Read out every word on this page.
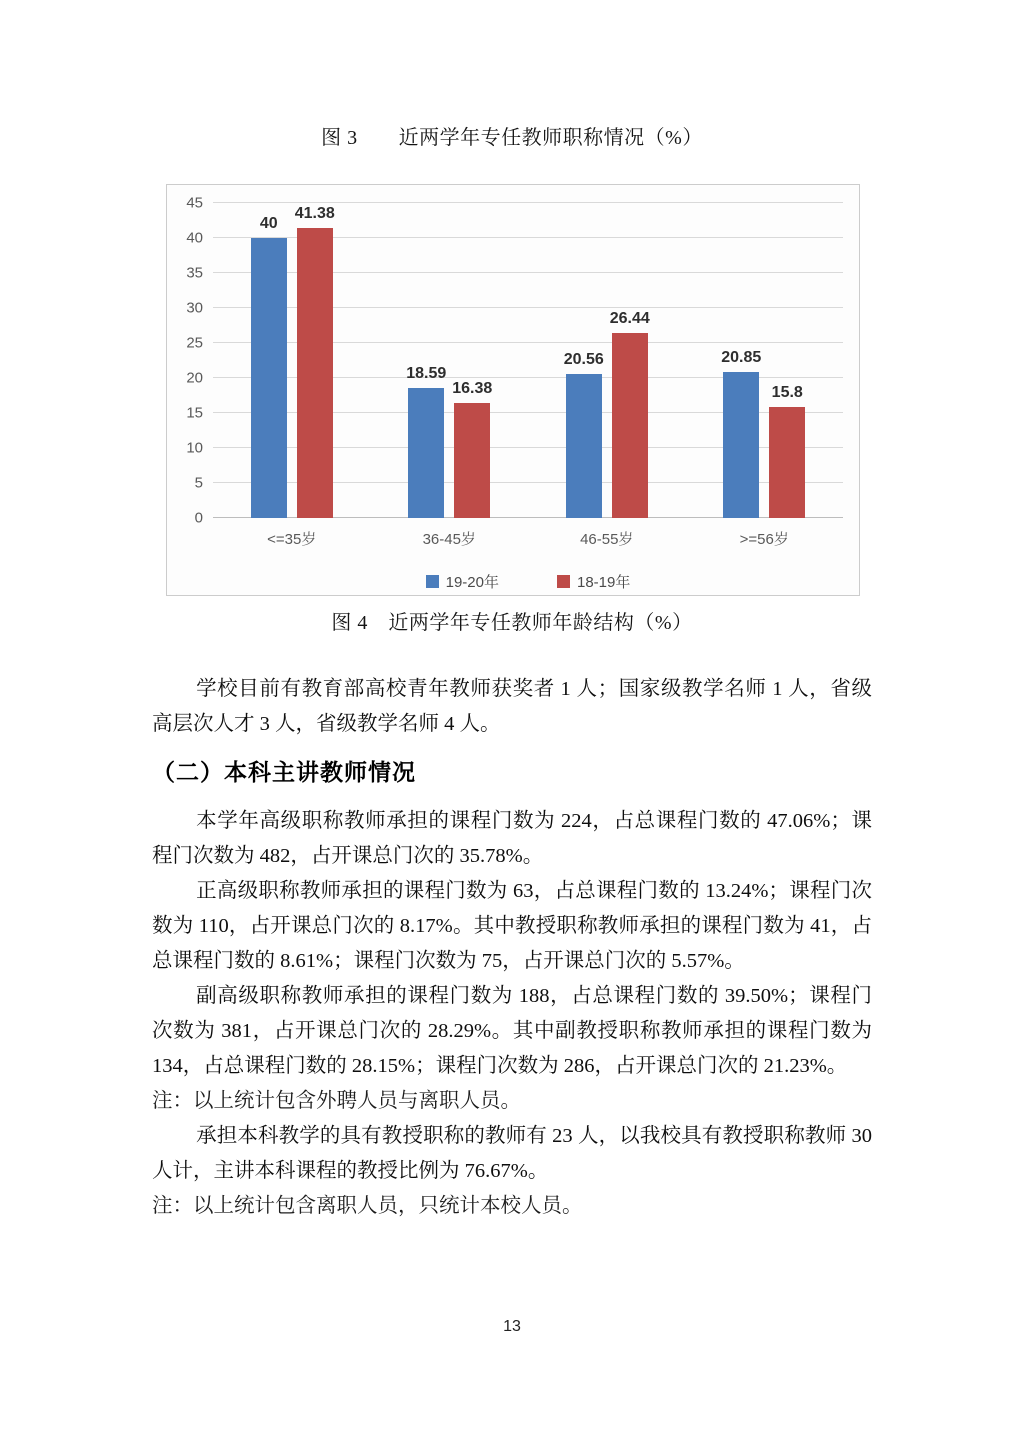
图 3　　近两学年专任教师职称情况（%）
45
40
35
30
25
20
15
10
5
0
40
41.38
18.59
16.38
20.56
26.44
20.85
15.8
<=35岁	36-45岁	46-55岁	>=56岁
19-20年	18-19年
图 4　近两学年专任教师年龄结构（%）

学校目前有教育部高校青年教师获奖者 1 人；国家级教学名师 1 人，省级高层次人才 3 人，省级教学名师 4 人。

（二）本科主讲教师情况

本学年高级职称教师承担的课程门数为 224，占总课程门数的 47.06%；课程门次数为 482，占开课总门次的 35.78%。

正高级职称教师承担的课程门数为 63，占总课程门数的 13.24%；课程门次数为 110，占开课总门次的 8.17%。其中教授职称教师承担的课程门数为 41，占总课程门数的 8.61%；课程门次数为 75，占开课总门次的 5.57%。

副高级职称教师承担的课程门数为 188，占总课程门数的 39.50%；课程门次数为 381，占开课总门次的 28.29%。其中副教授职称教师承担的课程门数为 134，占总课程门数的 28.15%；课程门次数为 286，占开课总门次的 21.23%。

注：以上统计包含外聘人员与离职人员。

承担本科教学的具有教授职称的教师有 23 人，以我校具有教授职称教师 30 人计，主讲本科课程的教授比例为 76.67%。

注：以上统计包含离职人员，只统计本校人员。

13
